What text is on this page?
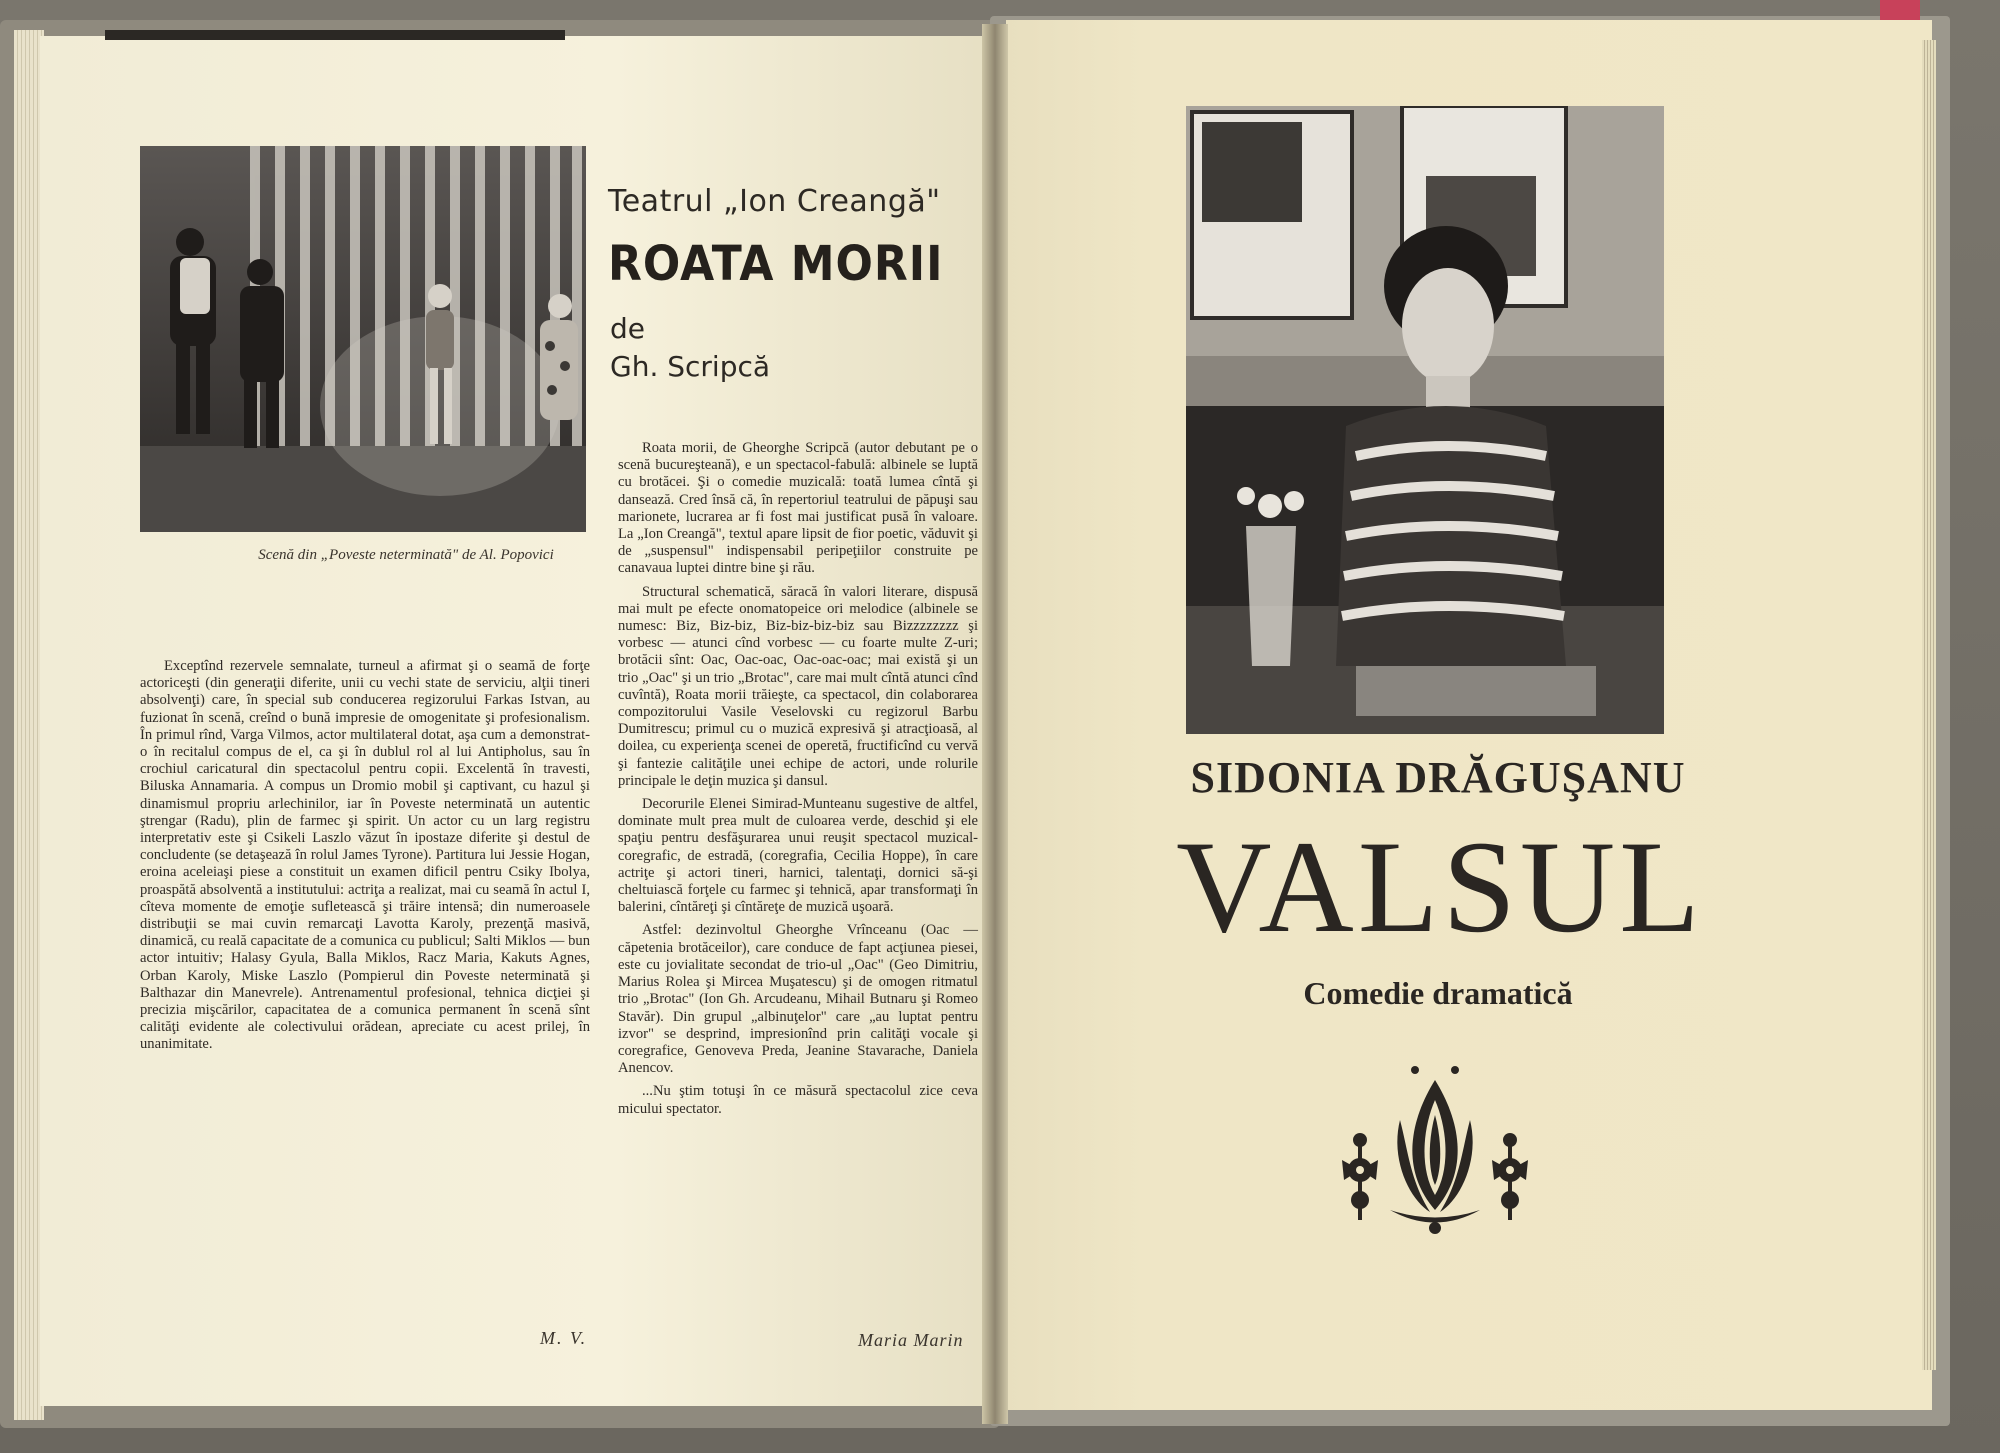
Scenă din „Poveste neterminată" de Al. Popovici

Exceptînd rezervele semnalate, turneul a afirmat şi o seamă de forţe actoriceşti (din generaţii diferite, unii cu vechi state de serviciu, alţii tineri absolvenţi) care, în special sub conducerea regizorului Farkas Istvan, au fuzionat în scenă, creînd o bună impresie de omogenitate şi profesionalism. În primul rînd, Varga Vilmos, actor multilateral dotat, aşa cum a demonstrat-o în recitalul compus de el, ca şi în dublul rol al lui Antipholus, sau în crochiul caricatural din spectacolul pentru copii. Excelentă în travesti, Biluska Annamaria. A compus un Dromio mobil şi captivant, cu hazul şi dinamismul propriu arlechinilor, iar în Poveste neterminată un autentic ştrengar (Radu), plin de farmec şi spirit. Un actor cu un larg registru interpretativ este şi Csikeli Laszlo văzut în ipostaze diferite şi destul de concludente (se detaşează în rolul James Tyrone). Partitura lui Jessie Hogan, eroina aceleiaşi piese a constituit un examen dificil pentru Csiky Ibolya, proaspătă absolventă a institutului: actriţa a realizat, mai cu seamă în actul I, cîteva momente de emoţie sufletească şi trăire intensă; din numeroasele distribuţii se mai cuvin remarcaţi Lavotta Karoly, prezenţă masivă, dinamică, cu reală capacitate de a comunica cu publicul; Salti Miklos — bun actor intuitiv; Halasy Gyula, Balla Miklos, Racz Maria, Kakuts Agnes, Orban Karoly, Miske Laszlo (Pompierul din Poveste neterminată şi Balthazar din Manevrele). Antrenamentul profesional, tehnica dicţiei şi precizia mişcărilor, capacitatea de a comunica permanent în scenă sînt calităţi evidente ale colectivului orădean, apreciate cu acest prilej, în unanimitate.

M. V.
Teatrul „Ion Creangă"
ROATA MORII
de
Gh. Scripcă

Roata morii, de Gheorghe Scripcă (autor debutant pe o scenă bucureşteană), e un spectacol-fabulă: albinele se luptă cu brotăcei. Şi o comedie muzicală: toată lumea cîntă şi dansează. Cred însă că, în repertoriul teatrului de păpuşi sau marionete, lucrarea ar fi fost mai justificat pusă în valoare. La „Ion Creangă", textul apare lipsit de fior poetic, văduvit şi de „suspensul" indispensabil peripeţiilor construite pe canavaua luptei dintre bine şi rău.

Structural schematică, săracă în valori literare, dispusă mai mult pe efecte onomatopeice ori melodice (albinele se numesc: Biz, Biz-biz, Biz-biz-biz-biz sau Bizzzzzzzz şi vorbesc — atunci cînd vorbesc — cu foarte multe Z-uri; brotăcii sînt: Oac, Oac-oac, Oac-oac-oac; mai există şi un trio „Oac" şi un trio „Brotac", care mai mult cîntă atunci cînd cuvîntă), Roata morii trăieşte, ca spectacol, din colaborarea compozitorului Vasile Veselovski cu regizorul Barbu Dumitrescu; primul cu o muzică expresivă şi atracţioasă, al doilea, cu experienţa scenei de operetă, fructificînd cu vervă şi fantezie calităţile unei echipe de actori, unde rolurile principale le deţin muzica şi dansul.

Decorurile Elenei Simirad-Munteanu sugestive de altfel, dominate mult prea mult de culoarea verde, deschid şi ele spaţiu pentru desfăşurarea unui reuşit spectacol muzical-coregrafic, de estradă, (coregrafia, Cecilia Hoppe), în care actriţe şi actori tineri, harnici, talentaţi, dornici să-şi cheltuiască forţele cu farmec şi tehnică, apar transformaţi în balerini, cîntăreţi şi cîntăreţe de muzică uşoară.

Astfel: dezinvoltul Gheorghe Vrînceanu (Oac — căpetenia brotăceilor), care conduce de fapt acţiunea piesei, este cu jovialitate secondat de trio-ul „Oac" (Geo Dimitriu, Marius Rolea şi Mircea Muşatescu) şi de omogen ritmatul trio „Brotac" (Ion Gh. Arcudeanu, Mihail Butnaru şi Romeo Stavăr). Din grupul „albinuţelor" care „au luptat pentru izvor" se desprind, impresionînd prin calităţi vocale şi coregrafice, Genoveva Preda, Jeanine Stavarache, Daniela Anencov.

...Nu ştim totuşi în ce măsură spectacolul zice ceva micului spectator.

Maria Marin
SIDONIA DRĂGUŞANU
VALSUL
Comedie dramatică
